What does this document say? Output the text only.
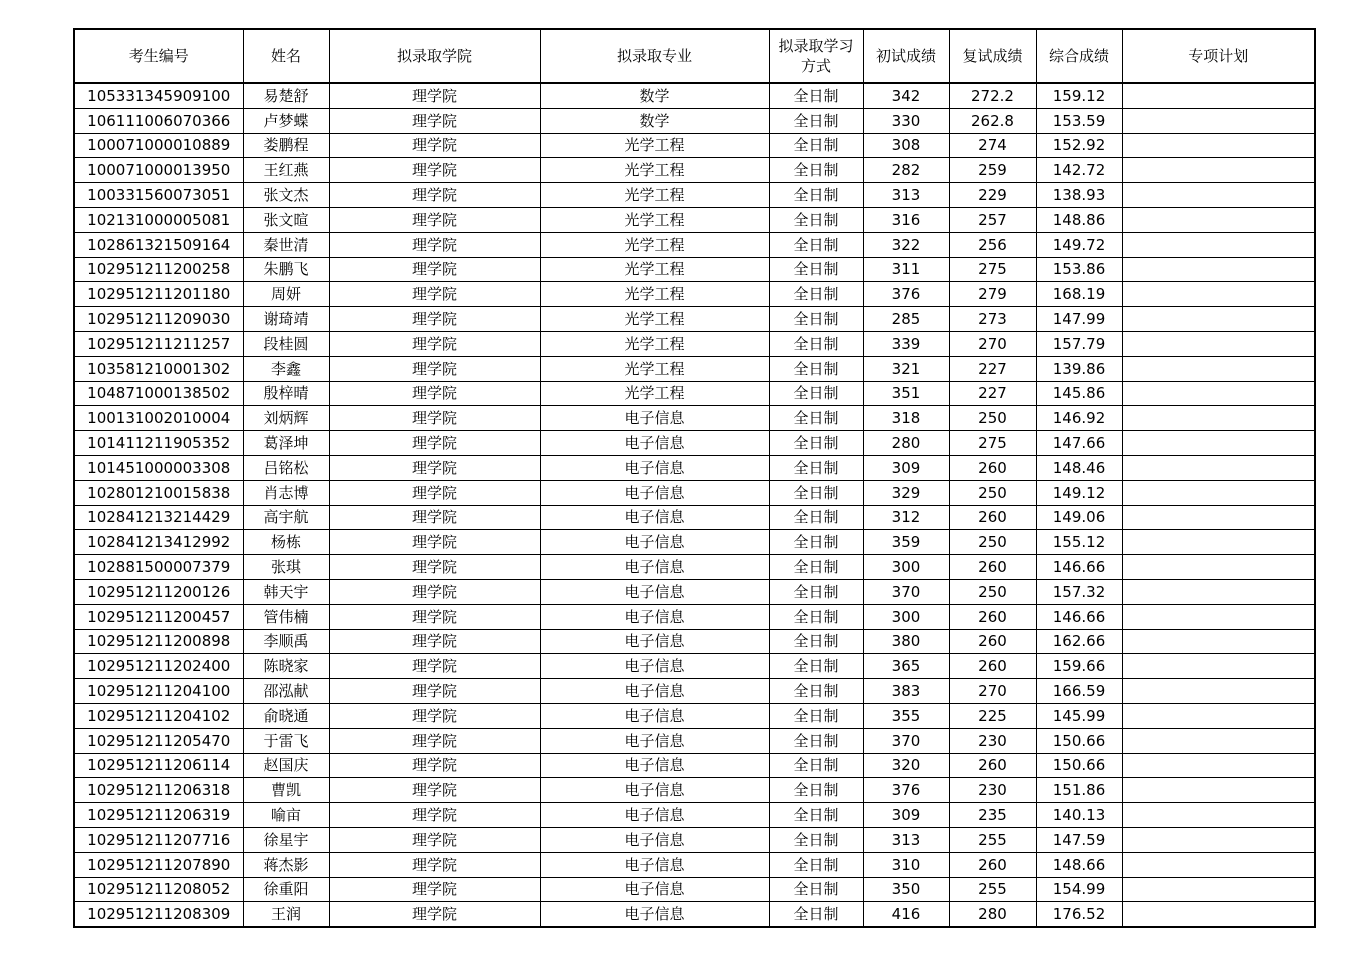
考生编号	姓名	拟录取学院	拟录取专业	拟录取学习方式	初试成绩	复试成绩	综合成绩	专项计划
105331345909100	易楚舒	理学院	数学	全日制	342	272.2	159.12	
106111006070366	卢梦蝶	理学院	数学	全日制	330	262.8	153.59	
100071000010889	娄鹏程	理学院	光学工程	全日制	308	274	152.92	
100071000013950	王红燕	理学院	光学工程	全日制	282	259	142.72	
100331560073051	张文杰	理学院	光学工程	全日制	313	229	138.93	
102131000005081	张文暄	理学院	光学工程	全日制	316	257	148.86	
102861321509164	秦世清	理学院	光学工程	全日制	322	256	149.72	
102951211200258	朱鹏飞	理学院	光学工程	全日制	311	275	153.86	
102951211201180	周妍	理学院	光学工程	全日制	376	279	168.19	
102951211209030	谢琦靖	理学院	光学工程	全日制	285	273	147.99	
102951211211257	段桂圆	理学院	光学工程	全日制	339	270	157.79	
103581210001302	李鑫	理学院	光学工程	全日制	321	227	139.86	
104871000138502	殷梓晴	理学院	光学工程	全日制	351	227	145.86	
100131002010004	刘炳辉	理学院	电子信息	全日制	318	250	146.92	
101411211905352	葛泽坤	理学院	电子信息	全日制	280	275	147.66	
101451000003308	吕铭松	理学院	电子信息	全日制	309	260	148.46	
102801210015838	肖志博	理学院	电子信息	全日制	329	250	149.12	
102841213214429	高宇航	理学院	电子信息	全日制	312	260	149.06	
102841213412992	杨栋	理学院	电子信息	全日制	359	250	155.12	
102881500007379	张琪	理学院	电子信息	全日制	300	260	146.66	
102951211200126	韩天宇	理学院	电子信息	全日制	370	250	157.32	
102951211200457	管伟楠	理学院	电子信息	全日制	300	260	146.66	
102951211200898	李顺禹	理学院	电子信息	全日制	380	260	162.66	
102951211202400	陈晓家	理学院	电子信息	全日制	365	260	159.66	
102951211204100	邵泓献	理学院	电子信息	全日制	383	270	166.59	
102951211204102	俞晓通	理学院	电子信息	全日制	355	225	145.99	
102951211205470	于雷飞	理学院	电子信息	全日制	370	230	150.66	
102951211206114	赵国庆	理学院	电子信息	全日制	320	260	150.66	
102951211206318	曹凯	理学院	电子信息	全日制	376	230	151.86	
102951211206319	喻亩	理学院	电子信息	全日制	309	235	140.13	
102951211207716	徐星宇	理学院	电子信息	全日制	313	255	147.59	
102951211207890	蒋杰影	理学院	电子信息	全日制	310	260	148.66	
102951211208052	徐重阳	理学院	电子信息	全日制	350	255	154.99	
102951211208309	王润	理学院	电子信息	全日制	416	280	176.52	
